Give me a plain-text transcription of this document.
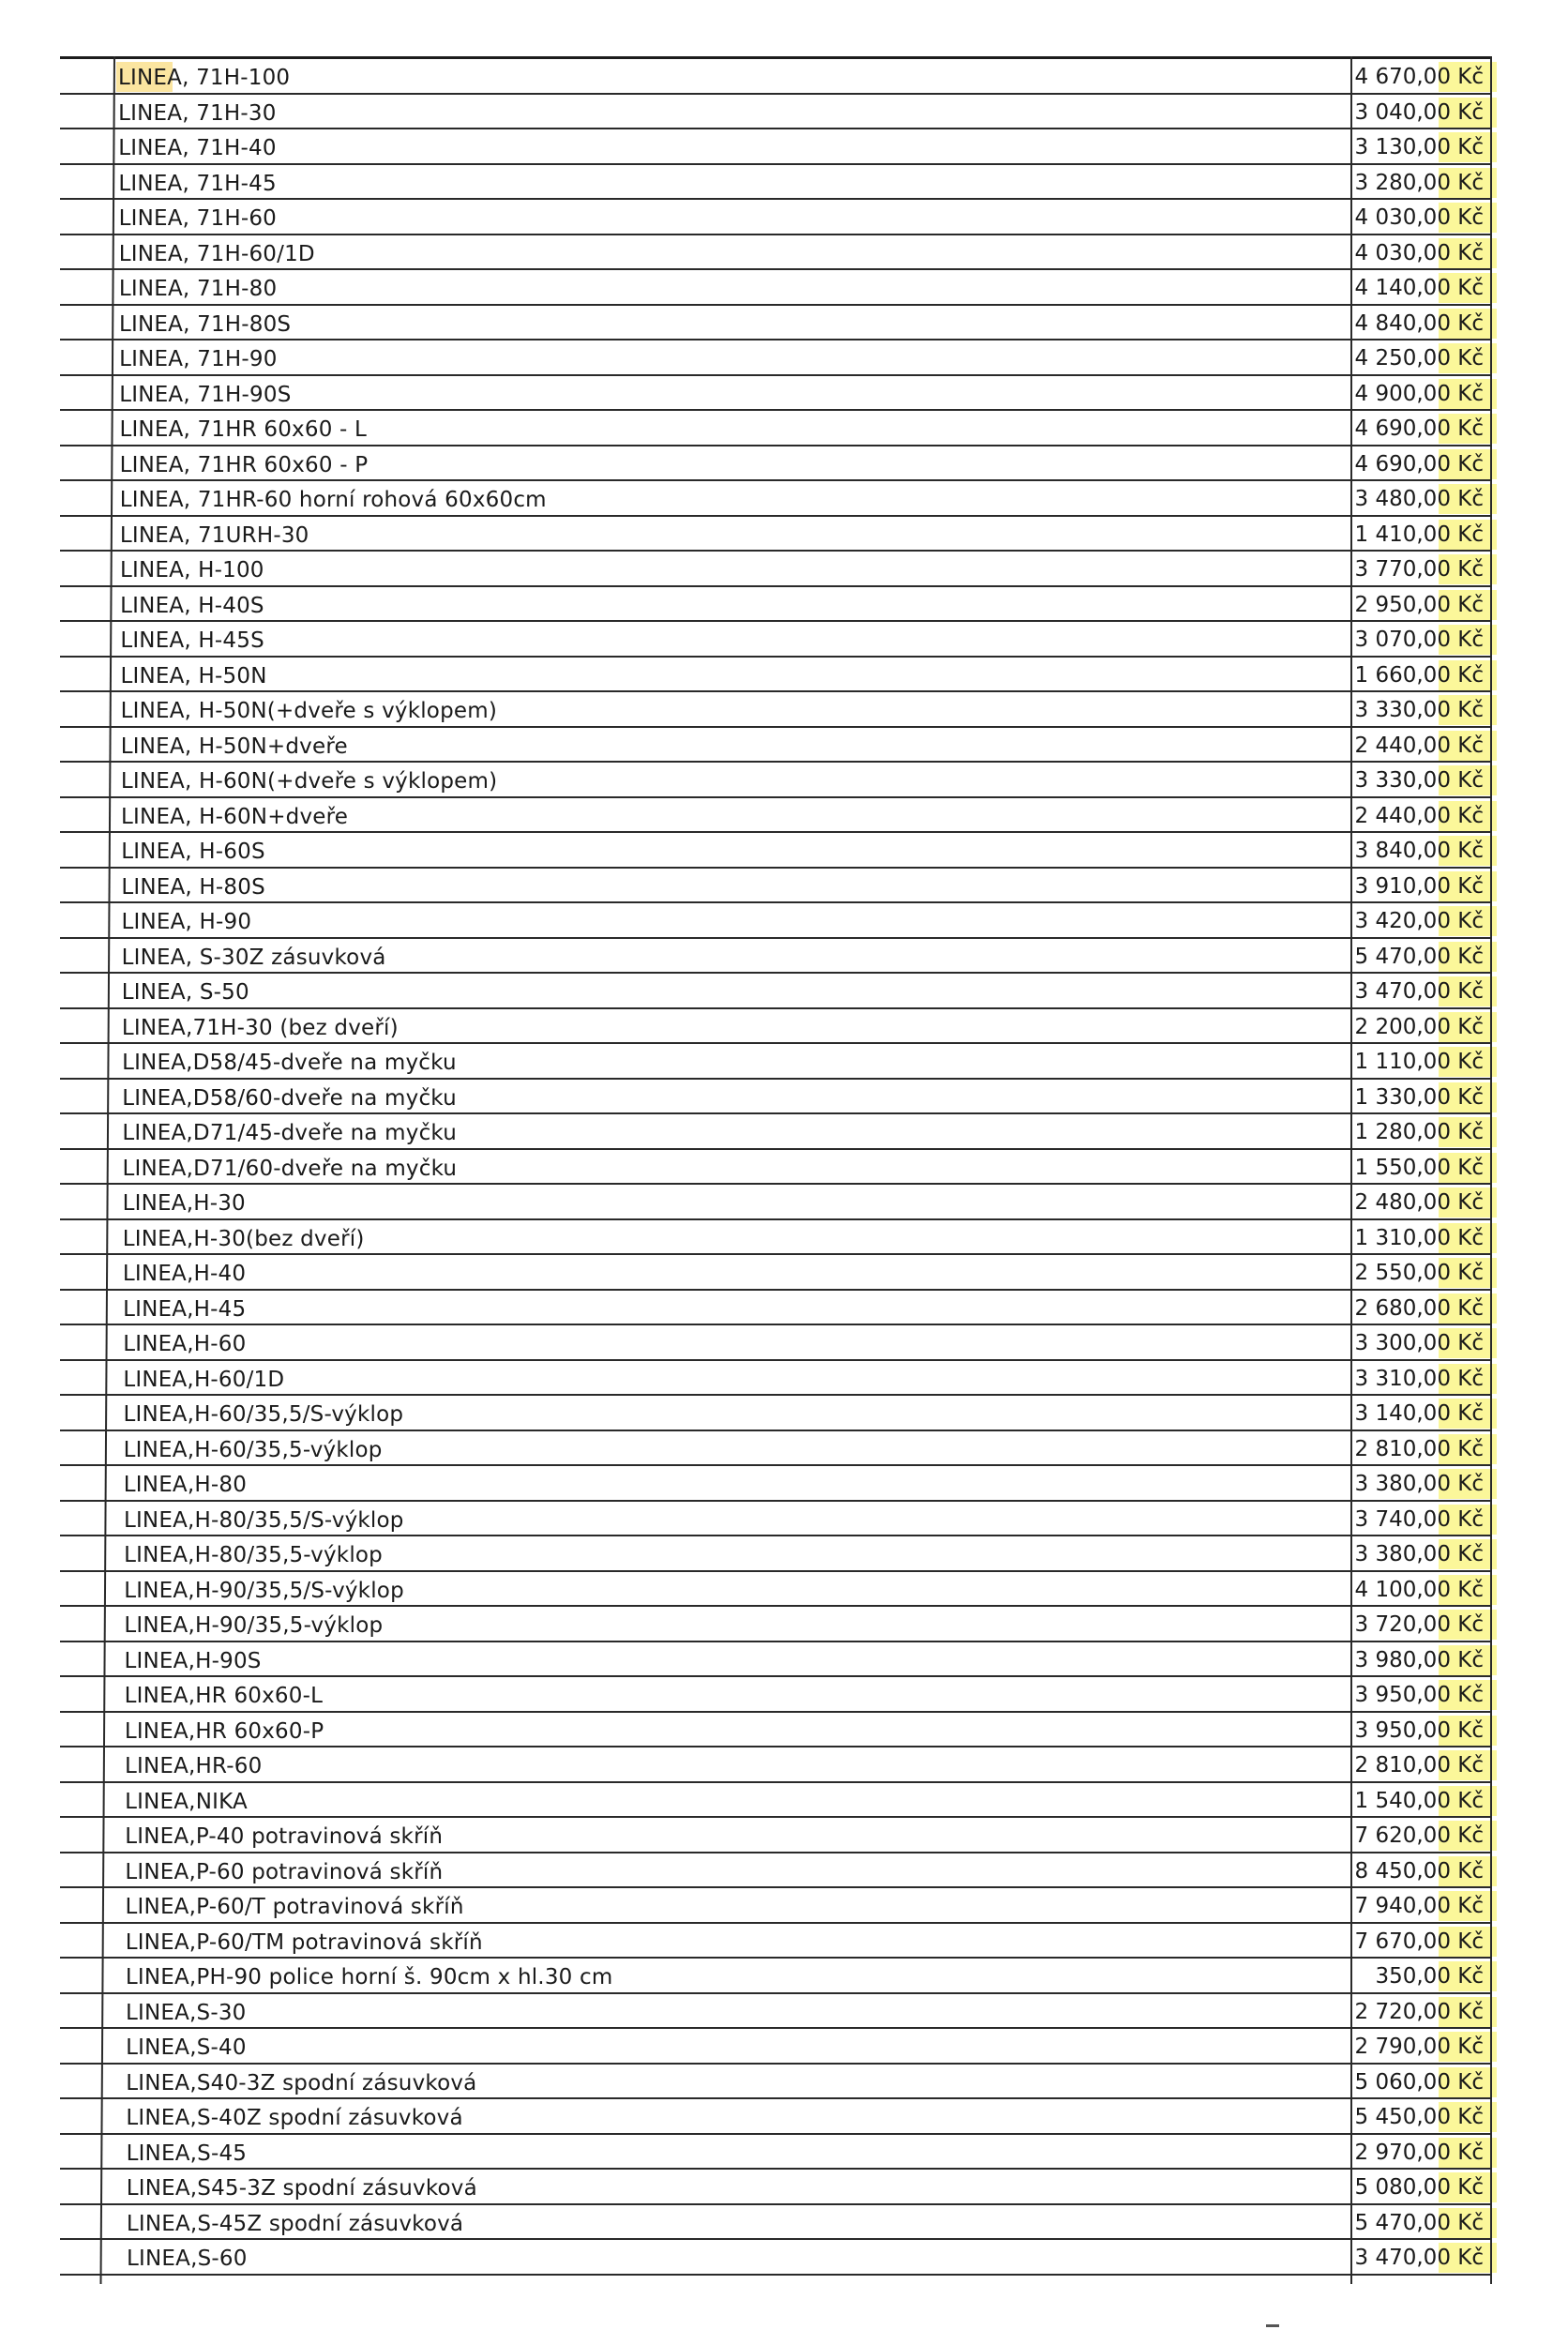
LINEA, 71H-100	4 670,00 Kč
LINEA, 71H-30	3 040,00 Kč
LINEA, 71H-40	3 130,00 Kč
LINEA, 71H-45	3 280,00 Kč
LINEA, 71H-60	4 030,00 Kč
LINEA, 71H-60/1D	4 030,00 Kč
LINEA, 71H-80	4 140,00 Kč
LINEA, 71H-80S	4 840,00 Kč
LINEA, 71H-90	4 250,00 Kč
LINEA, 71H-90S	4 900,00 Kč
LINEA, 71HR 60x60 - L	4 690,00 Kč
LINEA, 71HR 60x60 - P	4 690,00 Kč
LINEA, 71HR-60 horní rohová 60x60cm	3 480,00 Kč
LINEA, 71URH-30	1 410,00 Kč
LINEA, H-100	3 770,00 Kč
LINEA, H-40S	2 950,00 Kč
LINEA, H-45S	3 070,00 Kč
LINEA, H-50N	1 660,00 Kč
LINEA, H-50N(+dveře s výklopem)	3 330,00 Kč
LINEA, H-50N+dveře	2 440,00 Kč
LINEA, H-60N(+dveře s výklopem)	3 330,00 Kč
LINEA, H-60N+dveře	2 440,00 Kč
LINEA, H-60S	3 840,00 Kč
LINEA, H-80S	3 910,00 Kč
LINEA, H-90	3 420,00 Kč
LINEA, S-30Z zásuvková	5 470,00 Kč
LINEA, S-50	3 470,00 Kč
LINEA,71H-30 (bez dveří)	2 200,00 Kč
LINEA,D58/45-dveře na myčku	1 110,00 Kč
LINEA,D58/60-dveře na myčku	1 330,00 Kč
LINEA,D71/45-dveře na myčku	1 280,00 Kč
LINEA,D71/60-dveře na myčku	1 550,00 Kč
LINEA,H-30	2 480,00 Kč
LINEA,H-30(bez dveří)	1 310,00 Kč
LINEA,H-40	2 550,00 Kč
LINEA,H-45	2 680,00 Kč
LINEA,H-60	3 300,00 Kč
LINEA,H-60/1D	3 310,00 Kč
LINEA,H-60/35,5/S-výklop	3 140,00 Kč
LINEA,H-60/35,5-výklop	2 810,00 Kč
LINEA,H-80	3 380,00 Kč
LINEA,H-80/35,5/S-výklop	3 740,00 Kč
LINEA,H-80/35,5-výklop	3 380,00 Kč
LINEA,H-90/35,5/S-výklop	4 100,00 Kč
LINEA,H-90/35,5-výklop	3 720,00 Kč
LINEA,H-90S	3 980,00 Kč
LINEA,HR 60x60-L	3 950,00 Kč
LINEA,HR 60x60-P	3 950,00 Kč
LINEA,HR-60	2 810,00 Kč
LINEA,NIKA	1 540,00 Kč
LINEA,P-40 potravinová skříň	7 620,00 Kč
LINEA,P-60 potravinová skříň	8 450,00 Kč
LINEA,P-60/T potravinová skříň	7 940,00 Kč
LINEA,P-60/TM potravinová skříň	7 670,00 Kč
LINEA,PH-90 police horní š. 90cm x hl.30 cm	350,00 Kč
LINEA,S-30	2 720,00 Kč
LINEA,S-40	2 790,00 Kč
LINEA,S40-3Z spodní zásuvková	5 060,00 Kč
LINEA,S-40Z spodní zásuvková	5 450,00 Kč
LINEA,S-45	2 970,00 Kč
LINEA,S45-3Z spodní zásuvková	5 080,00 Kč
LINEA,S-45Z spodní zásuvková	5 470,00 Kč
LINEA,S-60	3 470,00 Kč
